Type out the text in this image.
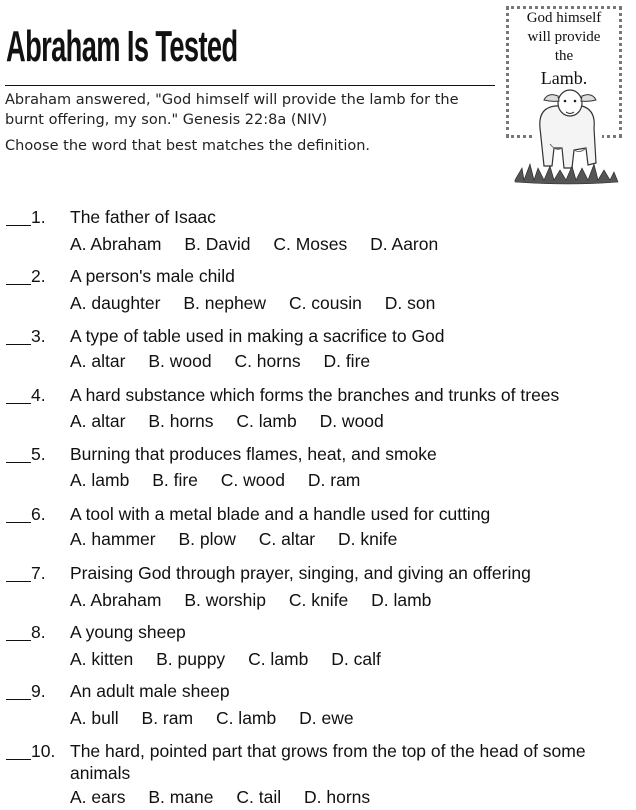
Abraham Is Tested
Abraham answered, "God himself will provide the lamb for the burnt offering, my son." Genesis 22:8a (NIV)
Choose the word that best matches the definition.
God himself
will provide
the
Lamb.
1. The father of Isaac
A. Abraham B. David C. Moses D. Aaron
2. A person's male child
A. daughter B. nephew C. cousin D. son
3. A type of table used in making a sacrifice to God
A. altar B. wood C. horns D. fire
4. A hard substance which forms the branches and trunks of trees
A. altar B. horns C. lamb D. wood
5. Burning that produces flames, heat, and smoke
A. lamb B. fire C. wood D. ram
6. A tool with a metal blade and a handle used for cutting
A. hammer B. plow C. altar D. knife
7. Praising God through prayer, singing, and giving an offering
A. Abraham B. worship C. knife D. lamb
8. A young sheep
A. kitten B. puppy C. lamb D. calf
9. An adult male sheep
A. bull B. ram C. lamb D. ewe
10. The hard, pointed part that grows from the top of the head of some animals
A. ears B. mane C. tail D. horns
